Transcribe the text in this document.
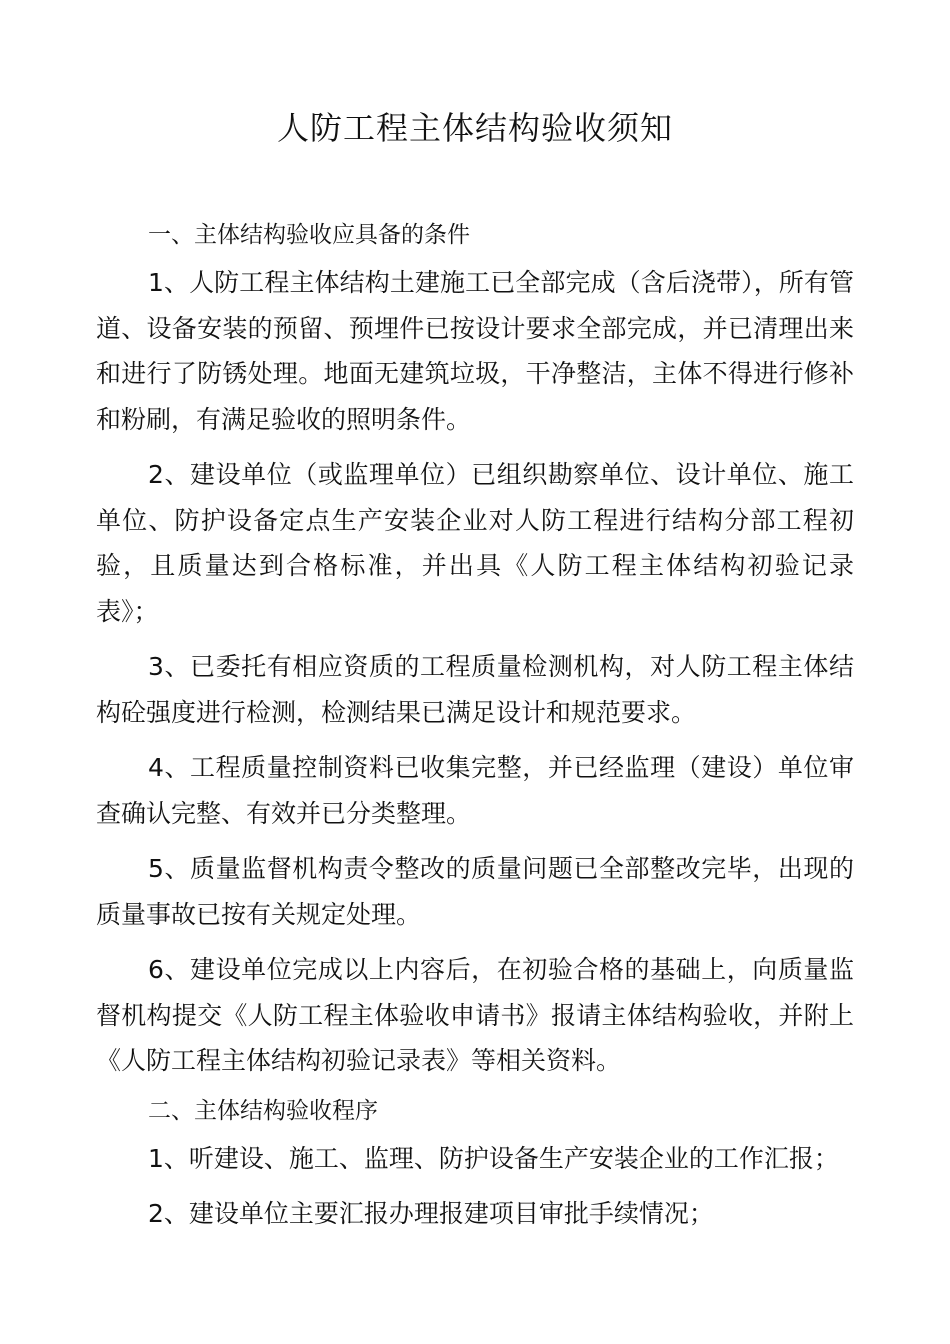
人防工程主体结构验收须知

一、主体结构验收应具备的条件

1、人防工程主体结构土建施工已全部完成（含后浇带），所有管道、设备安装的预留、预埋件已按设计要求全部完成，并已清理出来和进行了防锈处理。地面无建筑垃圾，干净整洁，主体不得进行修补和粉刷，有满足验收的照明条件。

2、建设单位（或监理单位）已组织勘察单位、设计单位、施工单位、防护设备定点生产安装企业对人防工程进行结构分部工程初验，且质量达到合格标准，并出具《人防工程主体结构初验记录表》；

3、已委托有相应资质的工程质量检测机构，对人防工程主体结构砼强度进行检测，检测结果已满足设计和规范要求。

4、工程质量控制资料已收集完整，并已经监理（建设）单位审查确认完整、有效并已分类整理。

5、质量监督机构责令整改的质量问题已全部整改完毕，出现的质量事故已按有关规定处理。

6、建设单位完成以上内容后，在初验合格的基础上，向质量监督机构提交《人防工程主体验收申请书》报请主体结构验收，并附上《人防工程主体结构初验记录表》等相关资料。

二、主体结构验收程序

1、听建设、施工、监理、防护设备生产安装企业的工作汇报；

2、建设单位主要汇报办理报建项目审批手续情况；
